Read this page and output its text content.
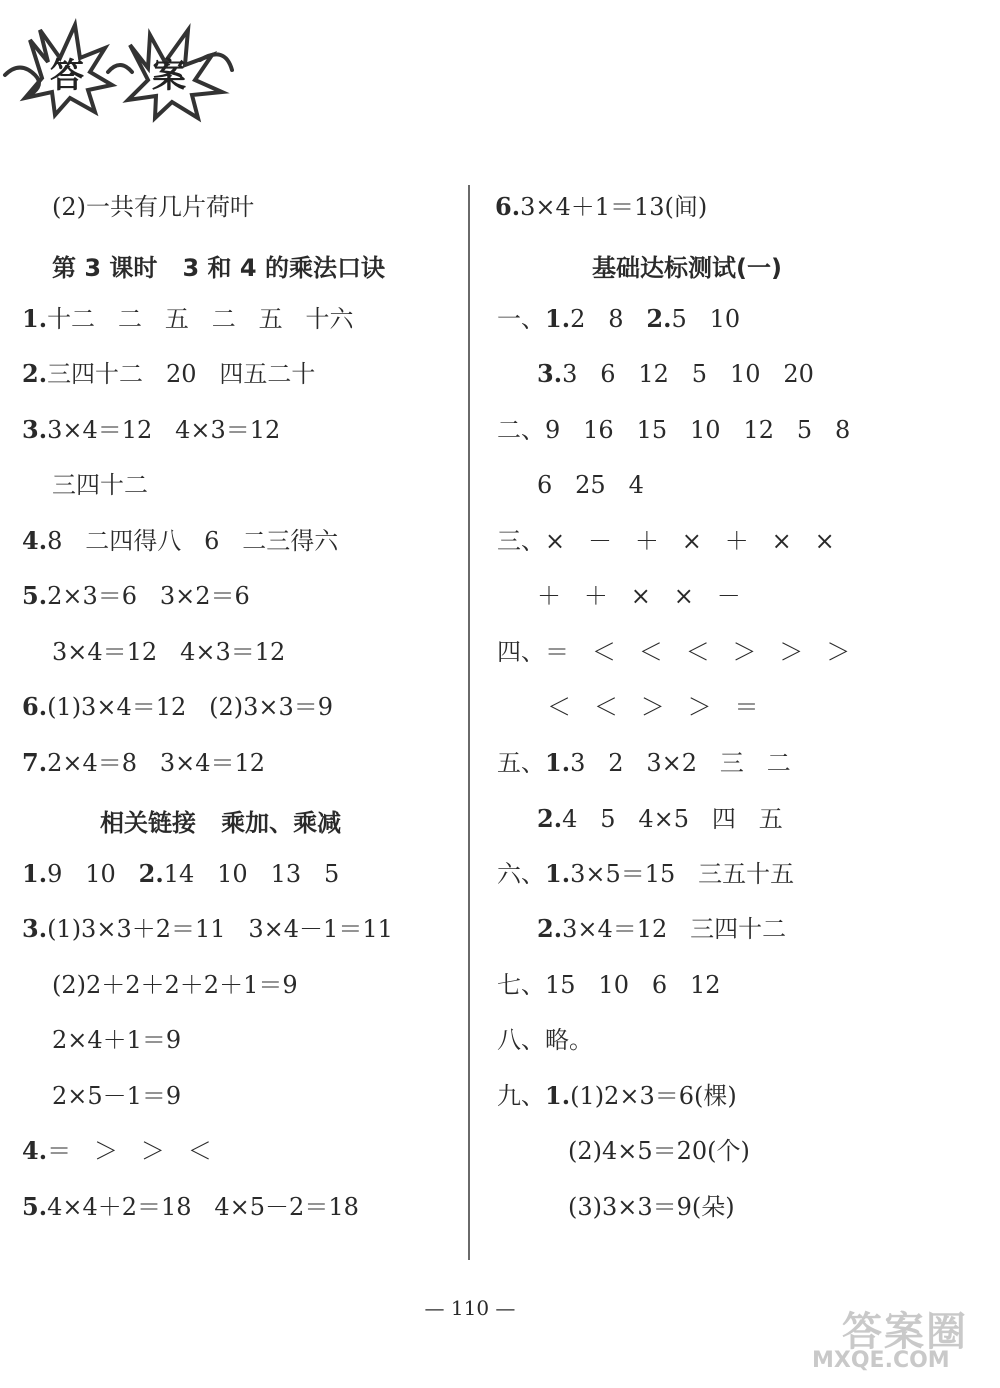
答 案
(2)一共有几片荷叶
第 3 课时   3 和 4 的乘法口诀
1.十二   二   五   二   五   十六
2.三四十二   20   四五二十
3.3×4＝12   4×3＝12
三四十二
4.8   二四得八   6   二三得六
5.2×3＝6   3×2＝6
3×4＝12   4×3＝12
6.(1)3×4＝12   (2)3×3＝9
7.2×4＝8   3×4＝12
相关链接   乘加、乘减
1.9   10   2.14   10   13   5
3.(1)3×3＋2＝11   3×4－1＝11
(2)2＋2＋2＋2＋1＝9
2×4＋1＝9
2×5－1＝9
4.＝   ＞   ＞   ＜
5.4×4＋2＝18   4×5－2＝18
6.3×4＋1＝13(间)
基础达标测试(一)
一、1.2   8   2.5   10
3.3   6   12   5   10   20
二、9   16   15   10   12   5   8
6   25   4
三、×   －   ＋   ×   ＋   ×   ×
＋   ＋   ×   ×   －
四、＝   ＜   ＜   ＜   ＞   ＞   ＞
＜   ＜   ＞   ＞   ＝
五、1.3   2   3×2   三   二
2.4   5   4×5   四   五
六、1.3×5＝15   三五十五
2.3×4＝12   三四十二
七、15   10   6   12
八、略。
九、1.(1)2×3＝6(棵)
(2)4×5＝20(个)
(3)3×3＝9(朵)
— 110 —
答案圈
MXQE.COM
